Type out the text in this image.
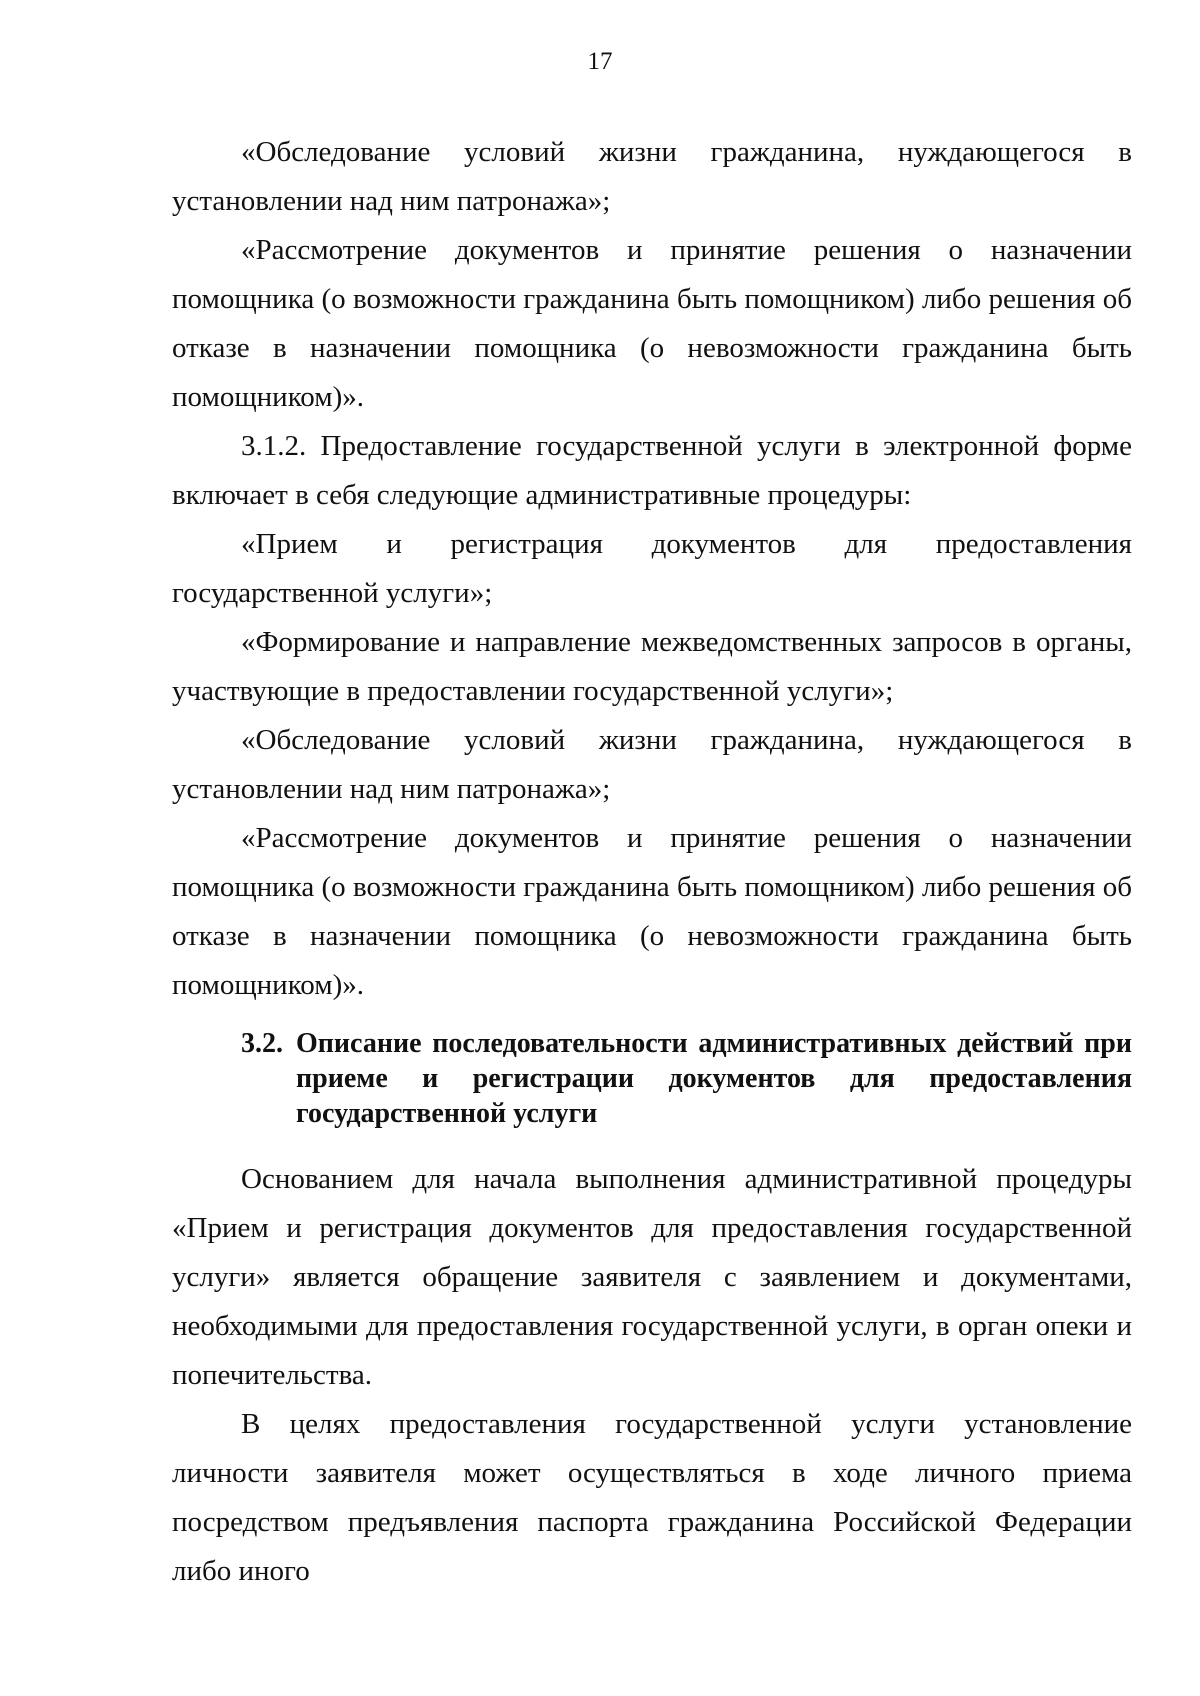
17

«Обследование условий жизни гражданина, нуждающегося в установлении над ним патронажа»;

«Рассмотрение документов и принятие решения о назначении помощника (о возможности гражданина быть помощником) либо решения об отказе в назначении помощника (о невозможности гражданина быть помощником)».

3.1.2. Предоставление государственной услуги в электронной форме включает в себя следующие административные процедуры:

«Прием и регистрация документов для предоставления государственной услуги»;

«Формирование и направление межведомственных запросов в органы, участвующие в предоставлении государственной услуги»;

«Обследование условий жизни гражданина, нуждающегося в установлении над ним патронажа»;

«Рассмотрение документов и принятие решения о назначении помощника (о возможности гражданина быть помощником) либо решения об отказе в назначении помощника (о невозможности гражданина быть помощником)».

3.2. Описание последовательности административных действий при приеме и регистрации документов для предоставления государственной услуги

Основанием для начала выполнения административной процедуры «Прием и регистрация документов для предоставления государственной услуги» является обращение заявителя с заявлением и документами, необходимыми для предоставления государственной услуги, в орган опеки и попечительства.

В целях предоставления государственной услуги установление личности заявителя может осуществляться в ходе личного приема посредством предъявления паспорта гражданина Российской Федерации либо иного
